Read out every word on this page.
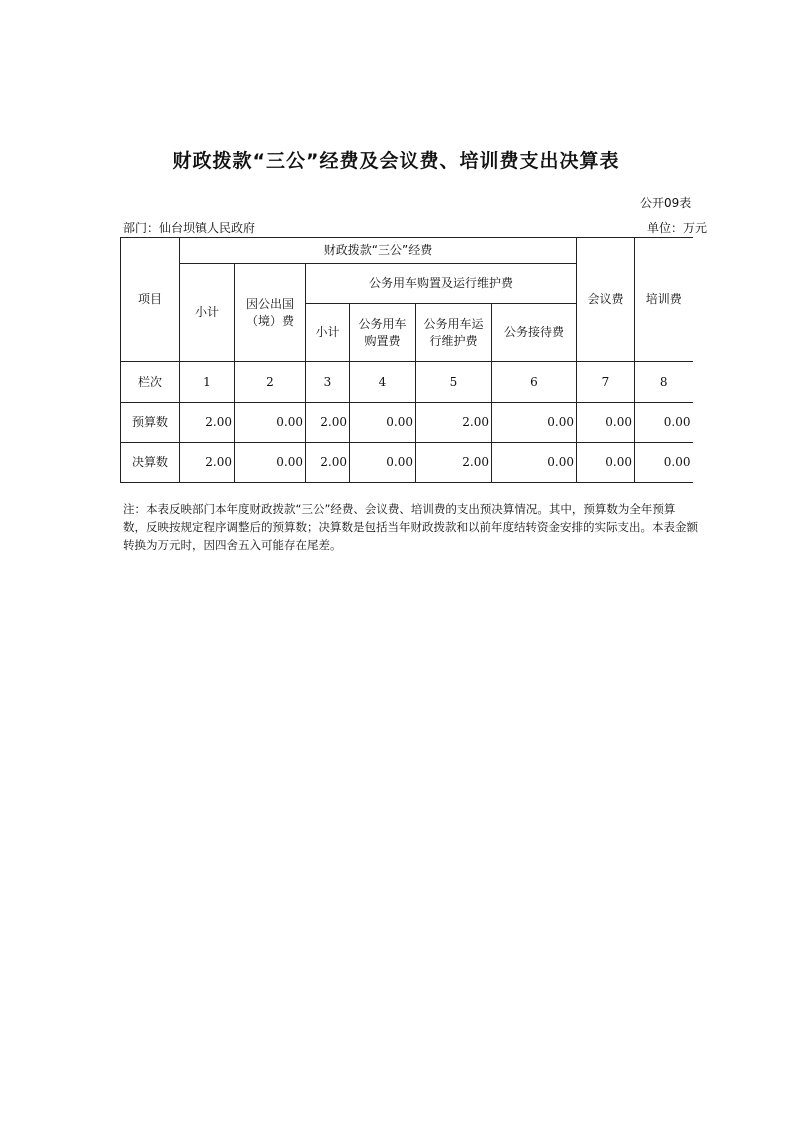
财政拨款“三公”经费及会议费、培训费支出决算表
公开09表
部门：仙台坝镇人民政府	单位：万元
项目	财政拨款“三公”经费						会议费	培训费
	小计	因公出国（境）费	公务用车购置及运行维护费					
			小计	公务用车购置费	公务用车运行维护费	公务接待费		
栏次	1	2	3	4	5	6	7	8
预算数	2.00	0.00	2.00	0.00	2.00	0.00	0.00	0.00
决算数	2.00	0.00	2.00	0.00	2.00	0.00	0.00	0.00
注：本表反映部门本年度财政拨款“三公”经费、会议费、培训费的支出预决算情况。其中，预算数为全年预算数，反映按规定程序调整后的预算数；决算数是包括当年财政拨款和以前年度结转资金安排的实际支出。本表金额转换为万元时，因四舍五入可能存在尾差。
